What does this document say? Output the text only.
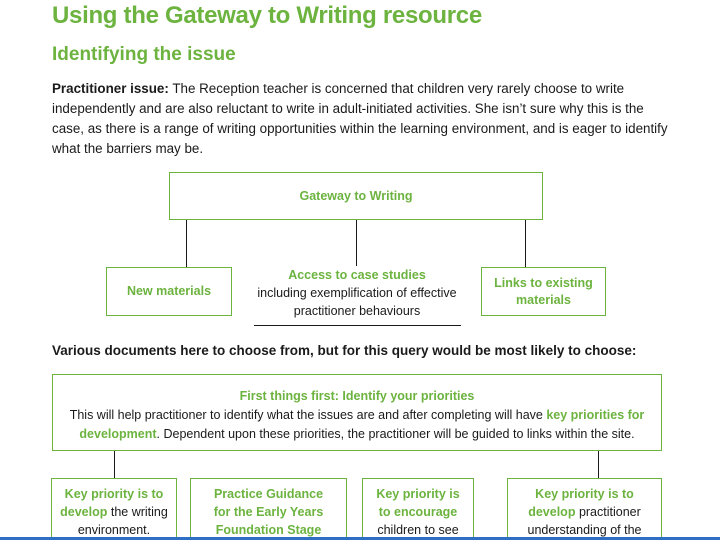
Using the Gateway to Writing resource
Identifying the issue
Practitioner issue: The Reception teacher is concerned that children very rarely choose to write independently and are also reluctant to write in adult-initiated activities. She isn’t sure why this is the case, as there is a range of writing opportunities within the learning environment, and is eager to identify what the barriers may be.
Gateway to Writing
New materials
Access to case studies
including exemplification of effective
practitioner behaviours
Links to existing
materials
Various documents here to choose from, but for this query would be most likely to choose:
First things first: Identify your priorities
This will help practitioner to identify what the issues are and after completing will have key priorities for
development. Dependent upon these priorities, the practitioner will be guided to links within the site.
Key priority is to
develop the writing
environment.
Practice Guidance
for the Early Years
Foundation Stage
Key priority is
to encourage
children to see
Key priority is to
develop practitioner
understanding of the
